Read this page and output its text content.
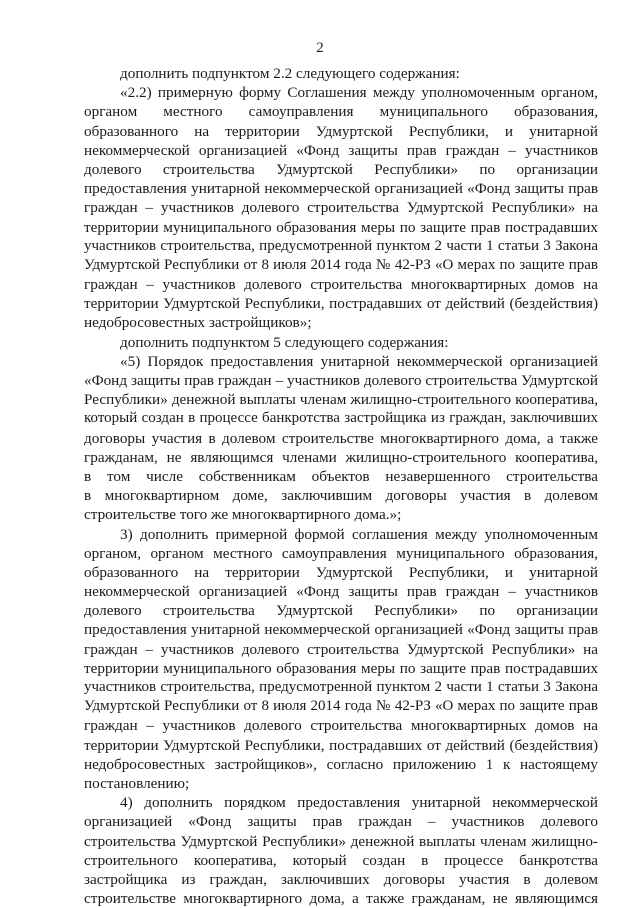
2
дополнить подпунктом 2.2 следующего содержания:
«2.2) примерную форму Соглашения между уполномоченным органом,
органом местного самоуправления муниципального образования,
образованного на территории Удмуртской Республики, и унитарной
некоммерческой организацией «Фонд защиты прав граждан – участников
долевого строительства Удмуртской Республики» по организации
предоставления унитарной некоммерческой организацией «Фонд защиты прав
граждан – участников долевого строительства Удмуртской Республики» на
территории муниципального образования меры по защите прав пострадавших
участников строительства, предусмотренной пунктом 2 части 1 статьи 3 Закона
Удмуртской Республики от 8 июля 2014 года № 42-РЗ «О мерах по защите прав
граждан – участников долевого строительства многоквартирных домов на
территории Удмуртской Республики, пострадавших от действий (бездействия)
недобросовестных застройщиков»;
дополнить подпунктом 5 следующего содержания:
«5) Порядок предоставления унитарной некоммерческой организацией
«Фонд защиты прав граждан – участников долевого строительства Удмуртской
Республики» денежной выплаты членам жилищно-строительного кооператива,
который создан в процессе банкротства застройщика из граждан, заключивших
договоры участия в долевом строительстве многоквартирного дома, а также
гражданам, не являющимся членами жилищно-строительного кооператива,
в том числе собственникам объектов незавершенного строительства
в многоквартирном доме, заключившим договоры участия в долевом
строительстве того же многоквартирного дома.»;
3) дополнить примерной формой соглашения между уполномоченным
органом, органом местного самоуправления муниципального образования,
образованного на территории Удмуртской Республики, и унитарной
некоммерческой организацией «Фонд защиты прав граждан – участников
долевого строительства Удмуртской Республики» по организации
предоставления унитарной некоммерческой организацией «Фонд защиты прав
граждан – участников долевого строительства Удмуртской Республики» на
территории муниципального образования меры по защите прав пострадавших
участников строительства, предусмотренной пунктом 2 части 1 статьи 3 Закона
Удмуртской Республики от 8 июля 2014 года № 42-РЗ «О мерах по защите прав
граждан – участников долевого строительства многоквартирных домов на
территории Удмуртской Республики, пострадавших от действий (бездействия)
недобросовестных застройщиков», согласно приложению 1 к настоящему
постановлению;
4) дополнить порядком предоставления унитарной некоммерческой
организацией «Фонд защиты прав граждан – участников долевого
строительства Удмуртской Республики» денежной выплаты членам жилищно-
строительного кооператива, который создан в процессе банкротства
застройщика из граждан, заключивших договоры участия в долевом
строительстве многоквартирного дома, а также гражданам, не являющимся
